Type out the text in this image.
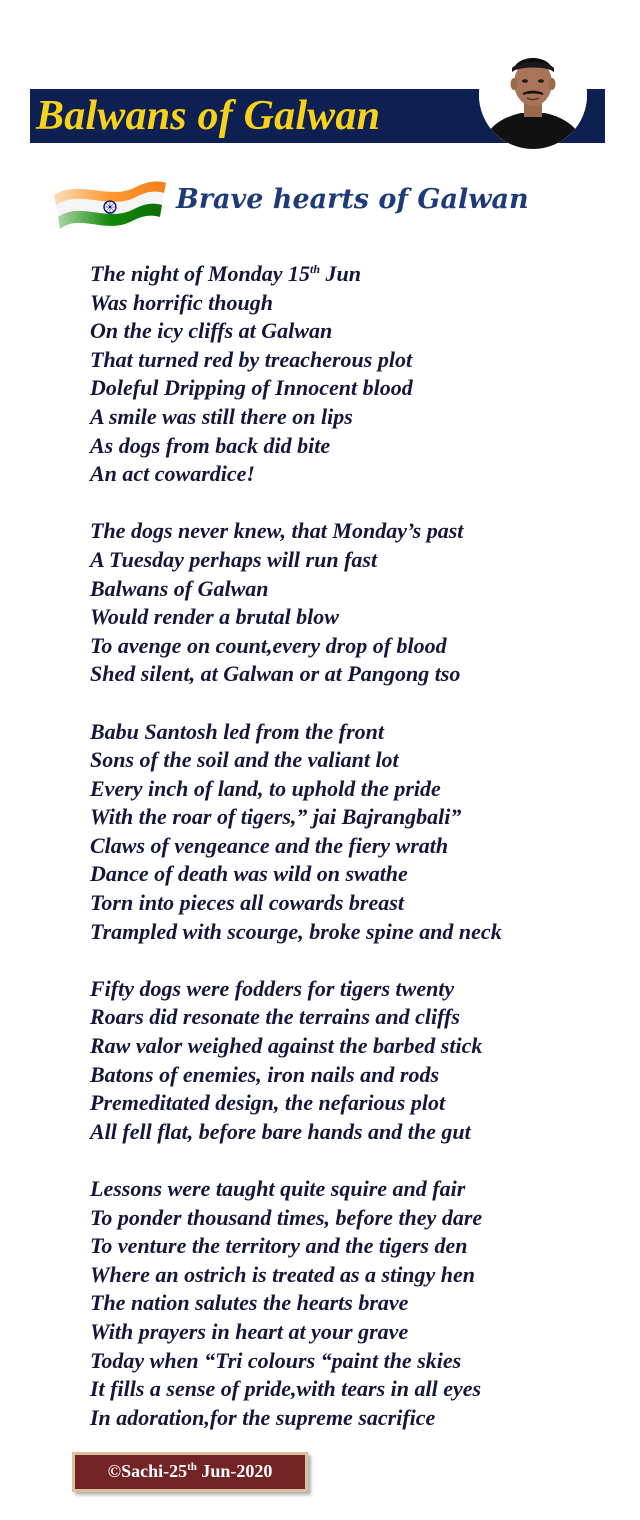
Balwans of Galwan
Brave hearts of Galwan
The night of Monday 15th Jun
Was horrific though
On the icy cliffs at Galwan
That turned red by treacherous plot
Doleful Dripping of Innocent blood
A smile was still there on lips
As dogs from back did bite
An act cowardice!
The dogs never knew, that Monday’s past
A Tuesday perhaps will run fast
Balwans of Galwan
Would render a brutal blow
To avenge on count,every drop of blood
Shed silent, at Galwan or at Pangong tso
Babu Santosh led from the front
Sons of the soil and the valiant lot
Every inch of land, to uphold the pride
With the roar of tigers,” jai Bajrangbali”
Claws of vengeance and the fiery wrath
Dance of death was wild on swathe
Torn into pieces all cowards breast
Trampled with scourge, broke spine and neck
Fifty dogs were fodders for tigers twenty
Roars did resonate the terrains and cliffs
Raw valor weighed against the barbed stick
Batons of enemies, iron nails and rods
Premeditated design, the nefarious plot
All fell flat, before bare hands and the gut
Lessons were taught quite squire and fair
To ponder thousand times, before they dare
To venture the territory and the tigers den
Where an ostrich is treated as a stingy hen
The nation salutes the hearts brave
With prayers in heart at your grave
Today when “Tri colours “paint the skies
It fills a sense of pride,with tears in all eyes
In adoration,for the supreme sacrifice
©Sachi-25th Jun-2020
